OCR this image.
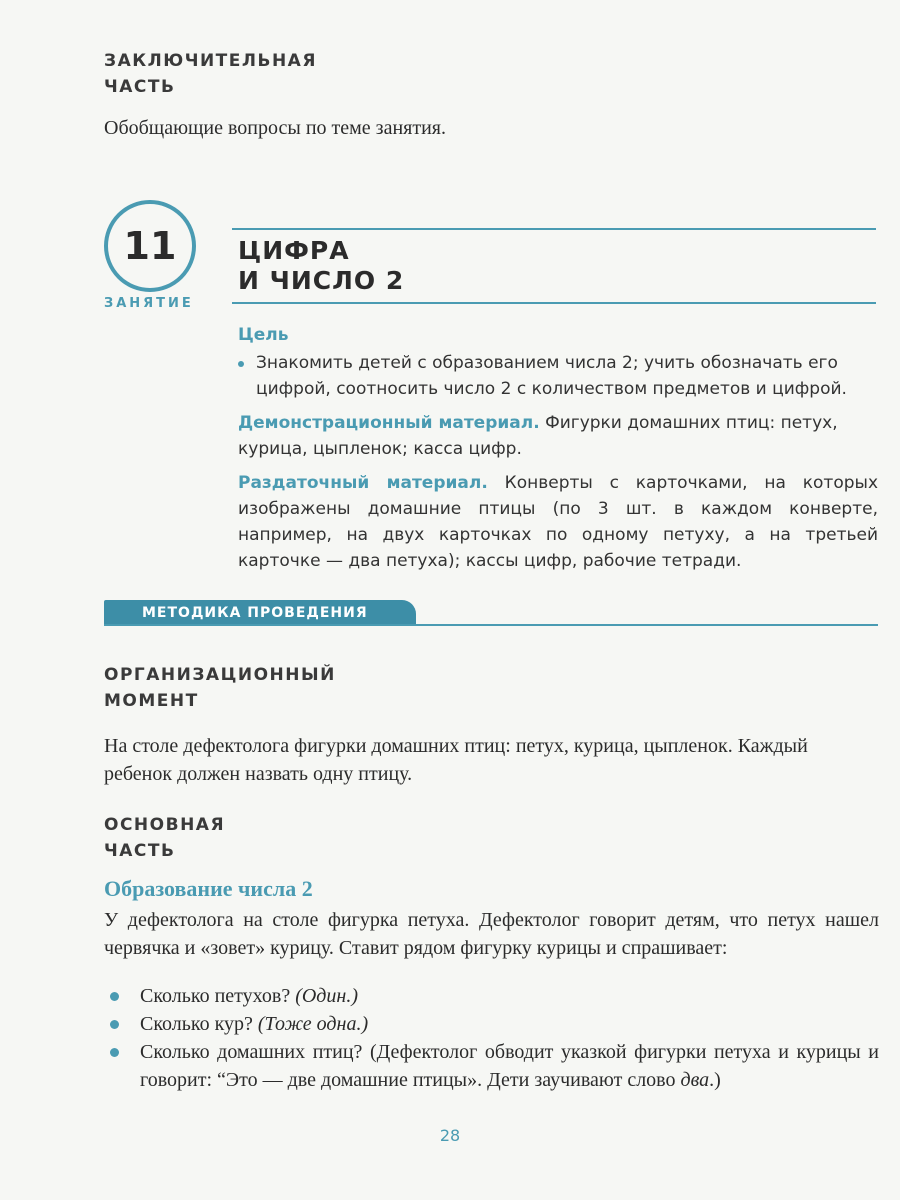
ЗАКЛЮЧИТЕЛЬНАЯ
ЧАСТЬ
Обобщающие вопросы по теме занятия.
11
ЗАНЯТИЕ
ЦИФРА
И ЧИСЛО 2
Цель
Знакомить детей с образованием числа 2; учить обозначать его цифрой, соотносить число 2 с количеством предметов и цифрой.
Демонстрационный материал. Фигурки домашних птиц: петух, курица, цыпленок; касса цифр.
Раздаточный материал. Конверты с карточками, на которых изображены домашние птицы (по 3 шт. в каждом конверте, например, на двух карточках по одному петуху, а на третьей карточке — два петуха); кассы цифр, рабочие тетради.
МЕТОДИКА ПРОВЕДЕНИЯ
ОРГАНИЗАЦИОННЫЙ
МОМЕНТ
На столе дефектолога фигурки домашних птиц: петух, курица, цыпленок. Каждый ребенок должен назвать одну птицу.
ОСНОВНАЯ
ЧАСТЬ
Образование числа 2
У дефектолога на столе фигурка петуха. Дефектолог говорит детям, что петух нашел червячка и «зовет» курицу. Ставит рядом фигурку курицы и спрашивает:
Сколько петухов? (Один.)
Сколько кур? (Тоже одна.)
Сколько домашних птиц? (Дефектолог обводит указкой фигурки петуха и курицы и говорит: “Это — две домашние птицы». Дети заучивают слово два.)
28
